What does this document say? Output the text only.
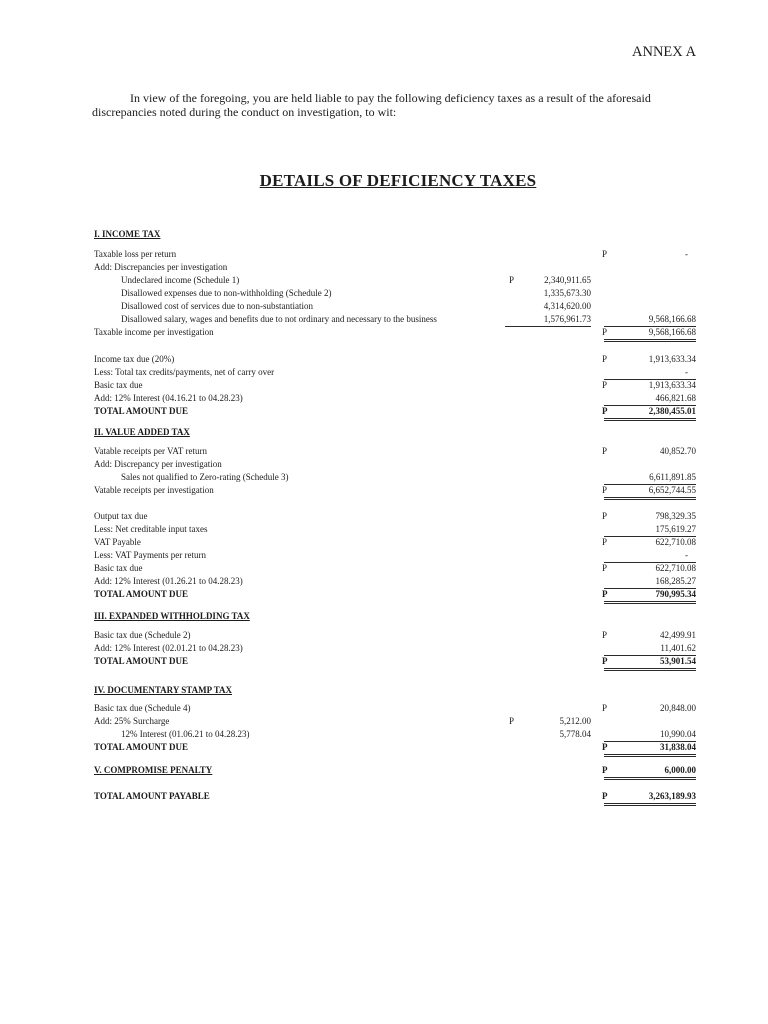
ANNEX A
In view of the foregoing, you are held liable to pay the following deficiency taxes as a result of the aforesaid discrepancies noted during the conduct on investigation, to wit:
DETAILS OF DEFICIENCY TAXES
I. INCOME TAX
Taxable loss per return	P	-
Add: Discrepancies per investigation
Undeclared income (Schedule 1)	P	2,340,911.65
Disallowed expenses due to non-withholding (Schedule 2)	1,335,673.30
Disallowed cost of services due to non-substantiation	4,314,620.00
Disallowed salary, wages and benefits due to not ordinary and necessary to the business	1,576,961.73	9,568,166.68
Taxable income per investigation	P	9,568,166.68
Income tax due (20%)	P	1,913,633.34
Less: Total tax credits/payments, net of carry over	-
Basic tax due	P	1,913,633.34
Add: 12% Interest (04.16.21 to 04.28.23)	466,821.68
TOTAL AMOUNT DUE	P	2,380,455.01
II. VALUE ADDED TAX
Vatable receipts per VAT return	P	40,852.70
Add: Discrepancy per investigation
Sales not qualified to Zero-rating (Schedule 3)	6,611,891.85
Vatable receipts per investigation	P	6,652,744.55
Output tax due	P	798,329.35
Less: Net creditable input taxes	175,619.27
VAT Payable	P	622,710.08
Less: VAT Payments per return	-
Basic tax due	P	622,710.08
Add: 12% Interest (01.26.21 to 04.28.23)	168,285.27
TOTAL AMOUNT DUE	P	790,995.34
III. EXPANDED WITHHOLDING TAX
Basic tax due (Schedule 2)	P	42,499.91
Add: 12% Interest (02.01.21 to 04.28.23)	11,401.62
TOTAL AMOUNT DUE	P	53,901.54
IV. DOCUMENTARY STAMP TAX
Basic tax due (Schedule 4)	P	20,848.00
Add: 25% Surcharge	P	5,212.00
12% Interest (01.06.21 to 04.28.23)	5,778.04	10,990.04
TOTAL AMOUNT DUE	P	31,838.04
V. COMPROMISE PENALTY	P	6,000.00
TOTAL AMOUNT PAYABLE	P	3,263,189.93
